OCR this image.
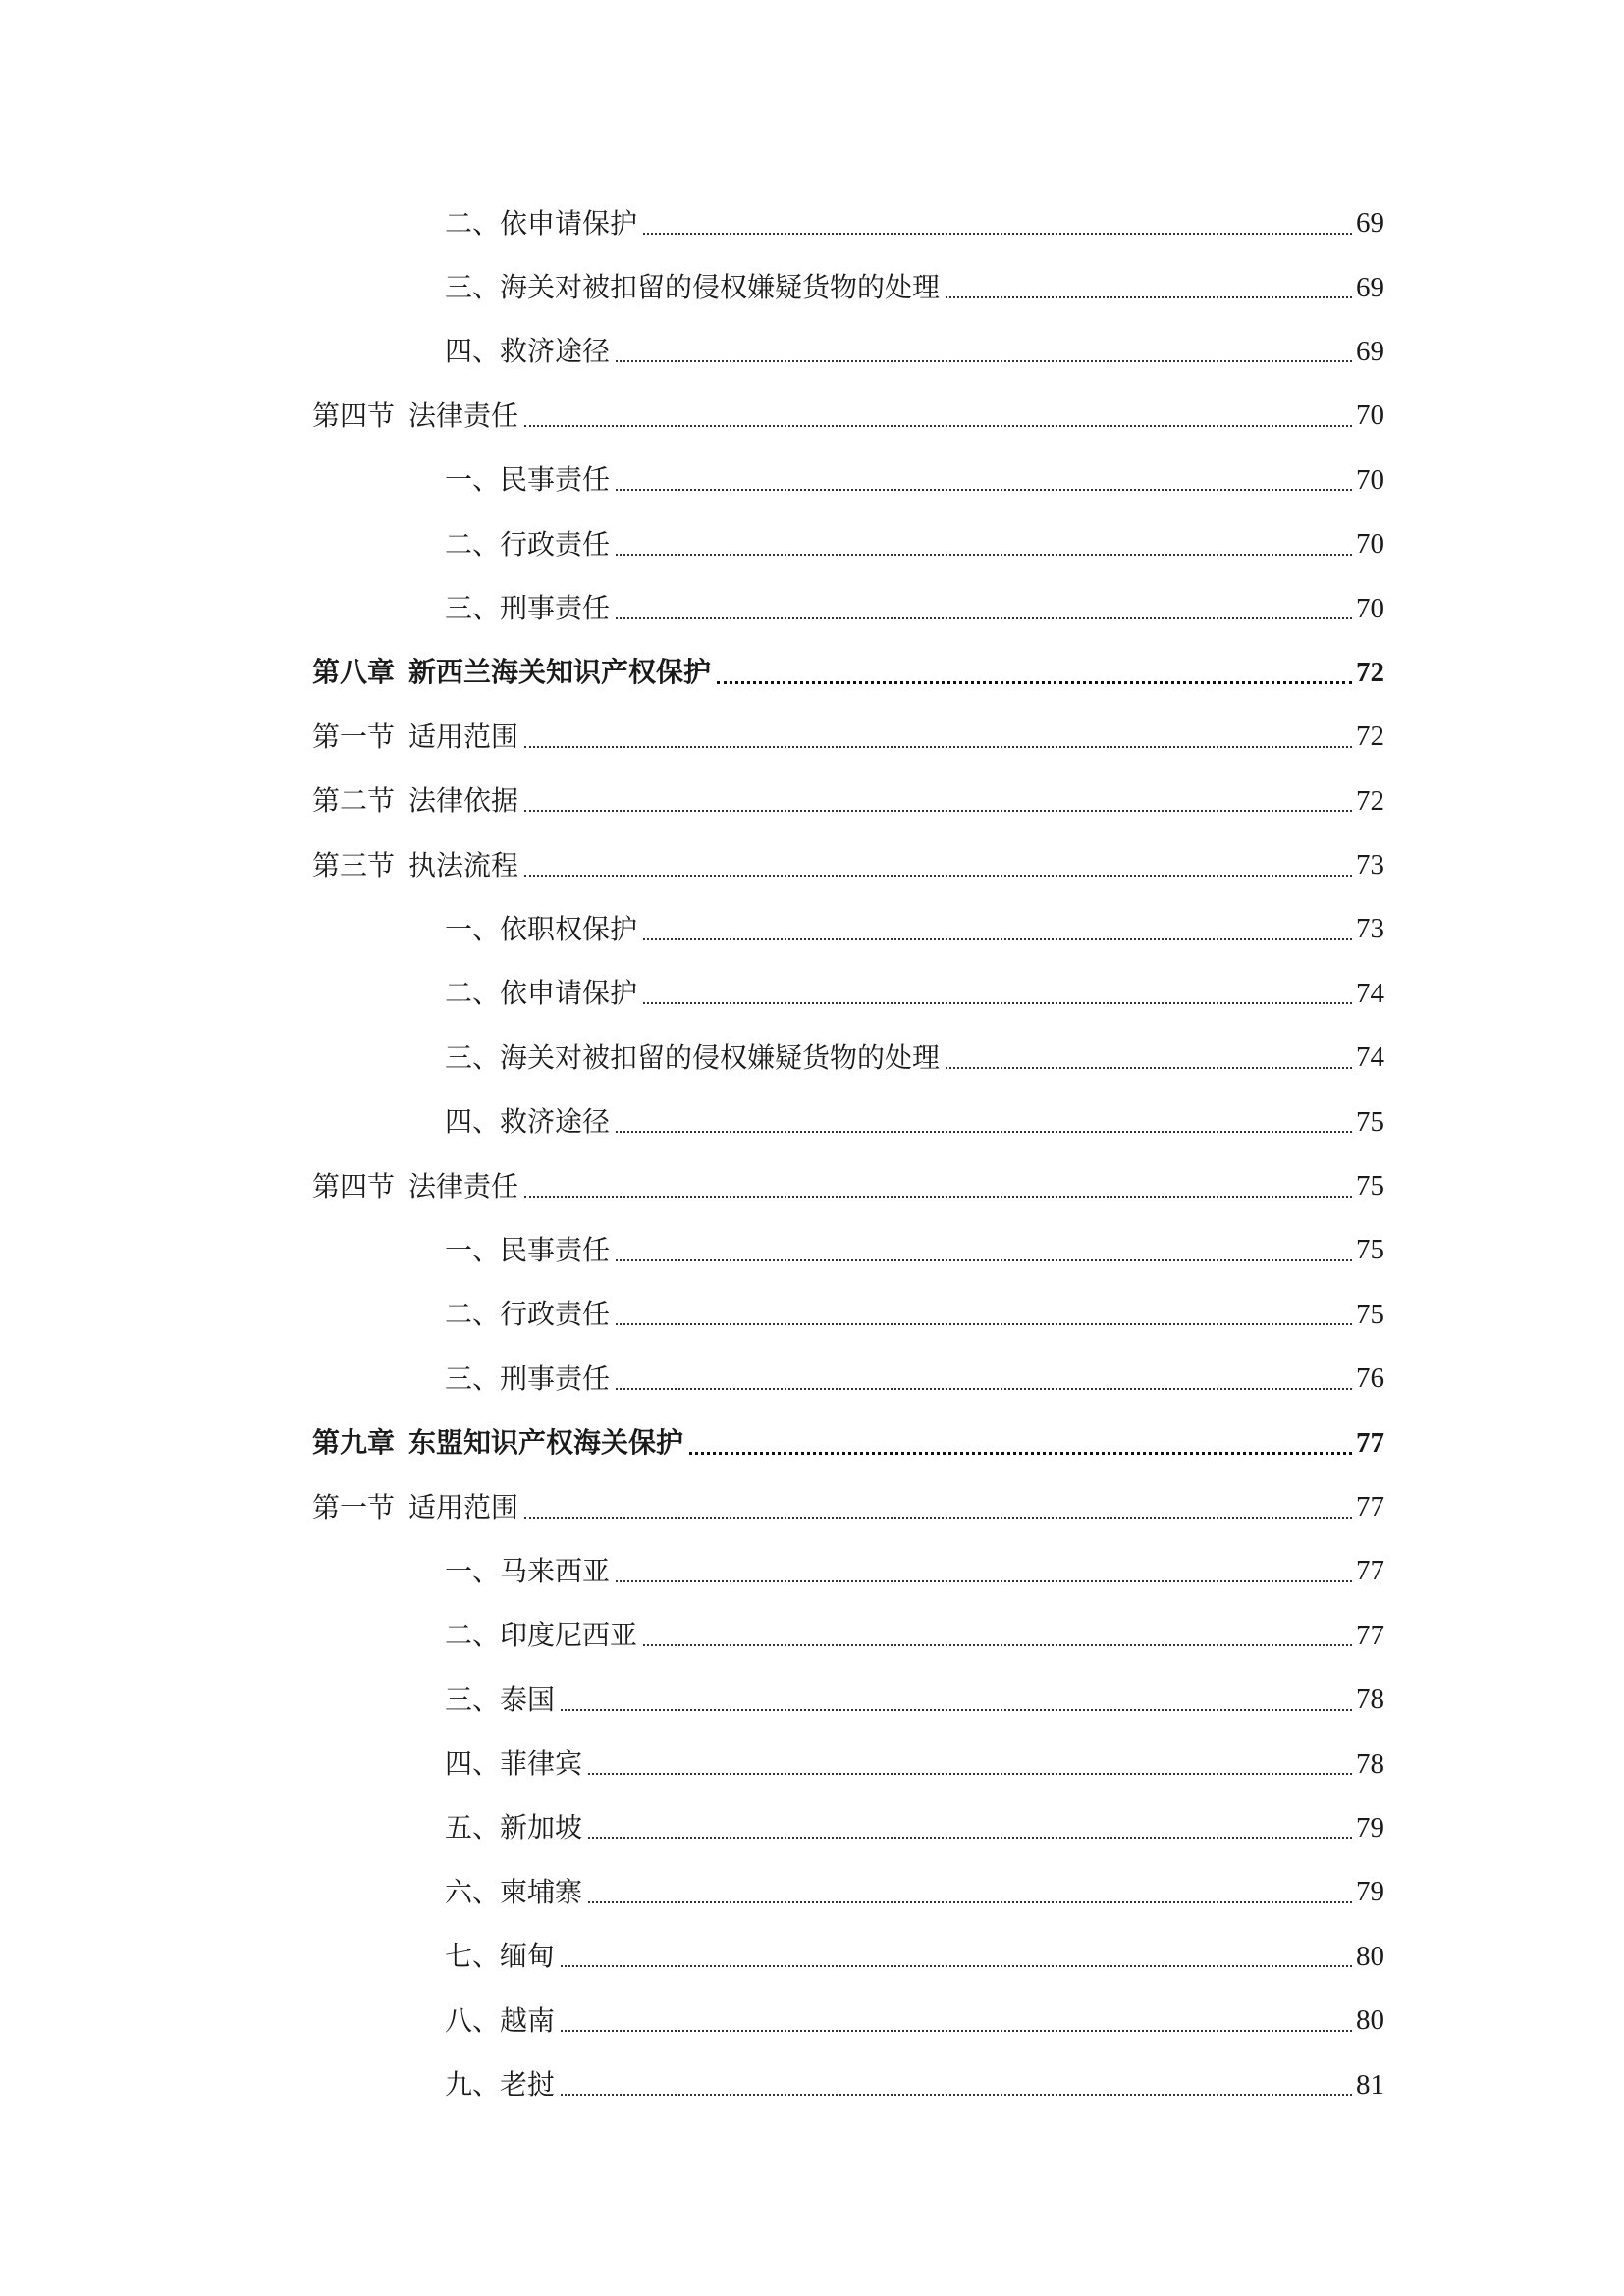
二、依申请保护	69
三、海关对被扣留的侵权嫌疑货物的处理	69
四、救济途径	69
第四节 法律责任	70
一、民事责任	70
二、行政责任	70
三、刑事责任	70
第八章 新西兰海关知识产权保护	72
第一节 适用范围	72
第二节 法律依据	72
第三节 执法流程	73
一、依职权保护	73
二、依申请保护	74
三、海关对被扣留的侵权嫌疑货物的处理	74
四、救济途径	75
第四节 法律责任	75
一、民事责任	75
二、行政责任	75
三、刑事责任	76
第九章 东盟知识产权海关保护	77
第一节 适用范围	77
一、马来西亚	77
二、印度尼西亚	77
三、泰国	78
四、菲律宾	78
五、新加坡	79
六、柬埔寨	79
七、缅甸	80
八、越南	80
九、老挝	81
